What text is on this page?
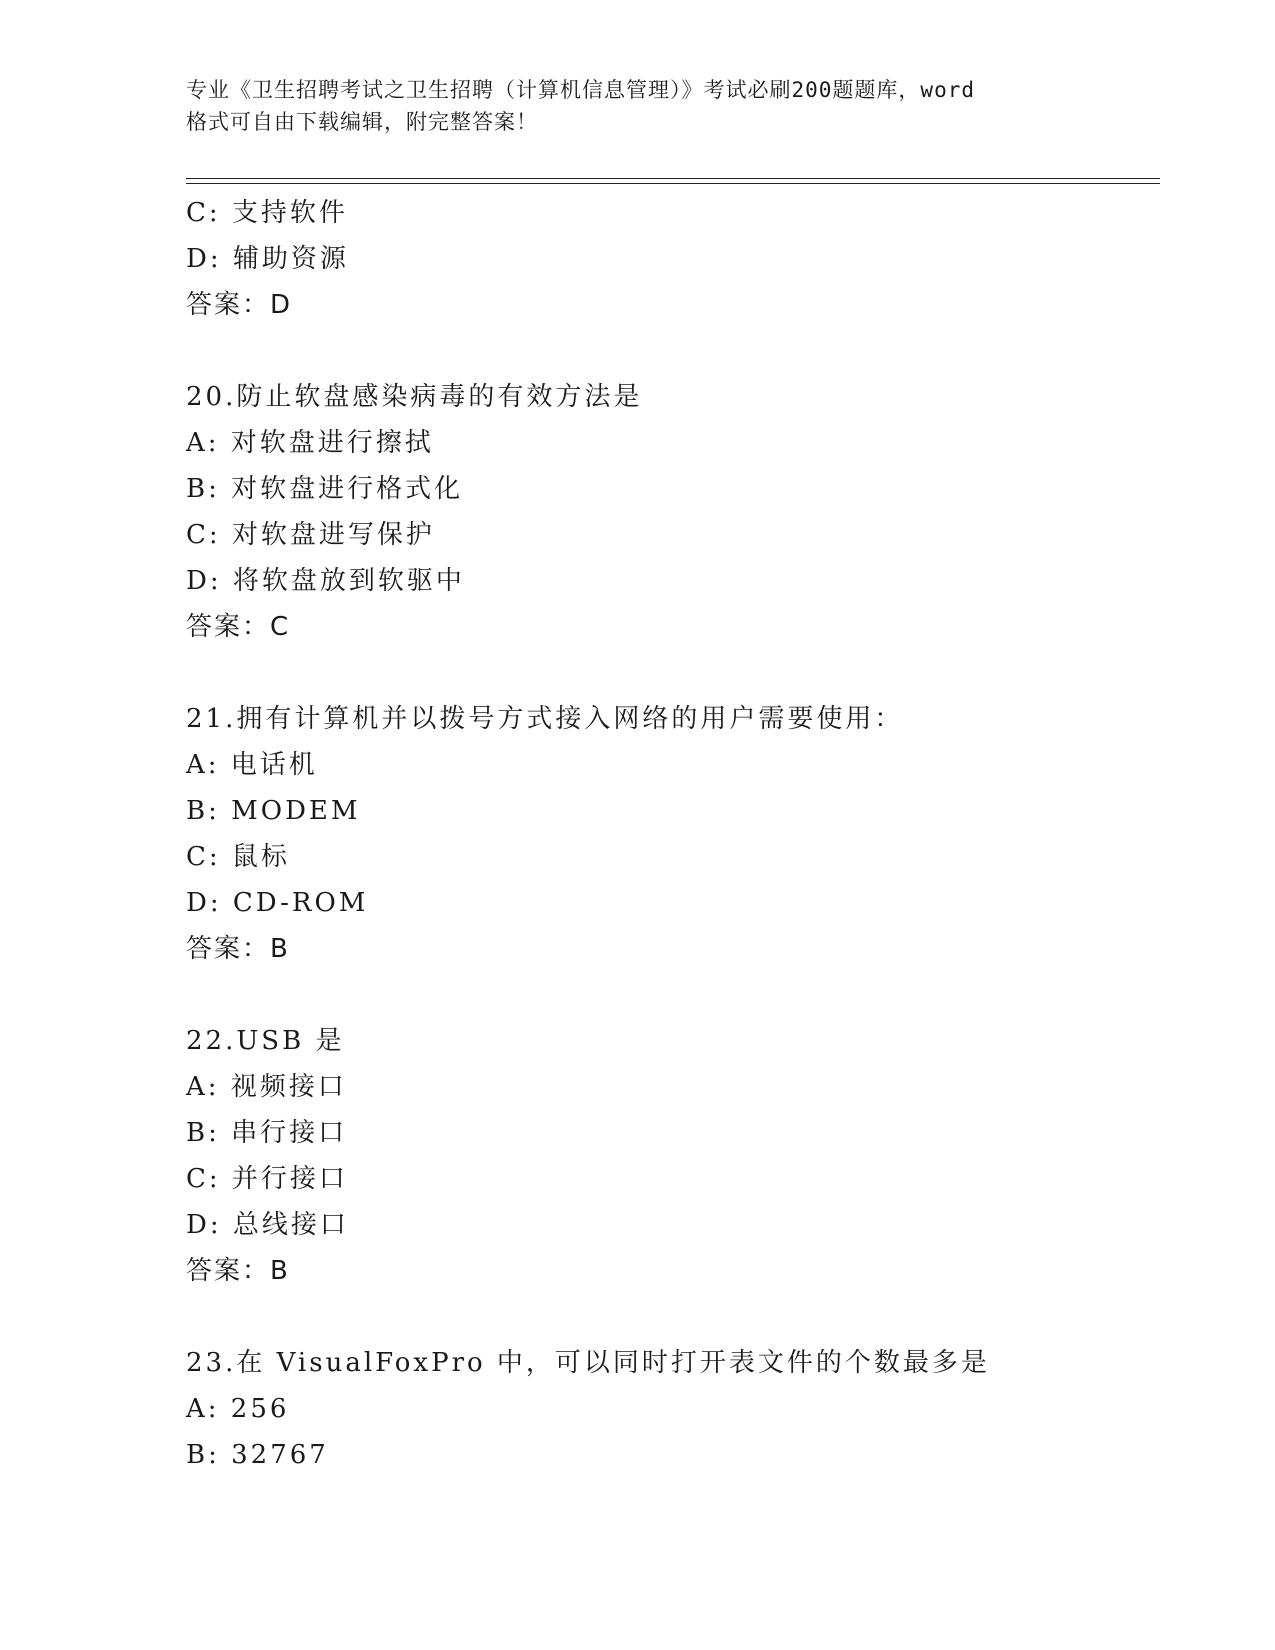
专业《卫生招聘考试之卫生招聘（计算机信息管理）》考试必刷200题题库，word
格式可自由下载编辑，附完整答案！
C: 支持软件
D: 辅助资源
答案：D
20.防止软盘感染病毒的有效方法是
A: 对软盘进行擦拭
B: 对软盘进行格式化
C: 对软盘进写保护
D: 将软盘放到软驱中
答案：C
21.拥有计算机并以拨号方式接入网络的用户需要使用：
A: 电话机
B: MODEM
C: 鼠标
D: CD-ROM
答案：B
22.USB 是
A: 视频接口
B: 串行接口
C: 并行接口
D: 总线接口
答案：B
23.在 VisualFoxPro 中，可以同时打开表文件的个数最多是
A: 256
B: 32767
